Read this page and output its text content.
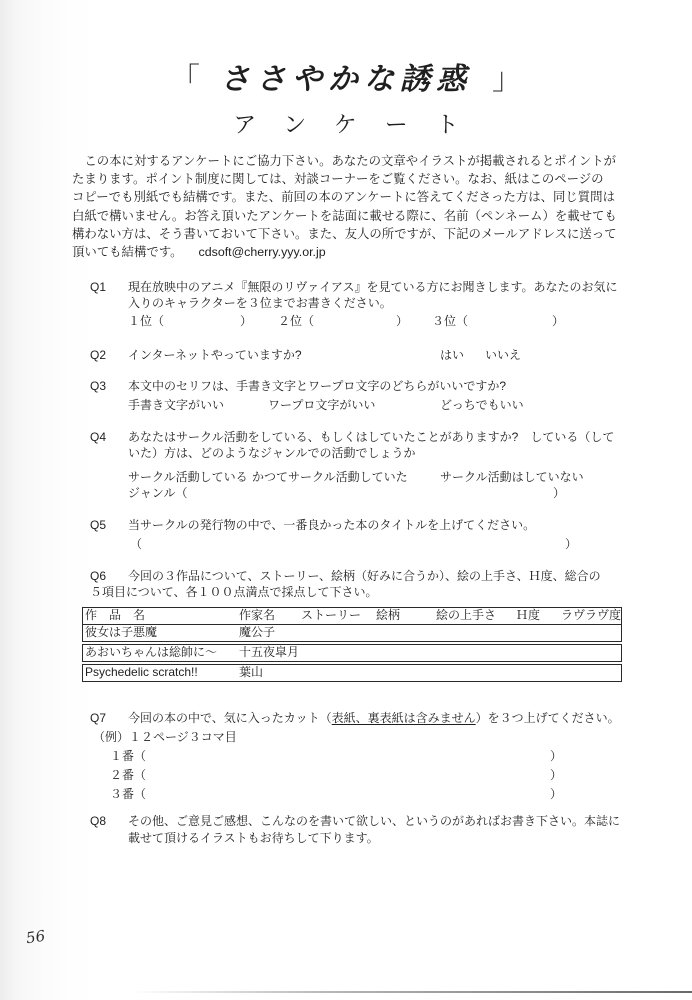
「 ささやかな誘惑 」
アンケート
　この本に対するアンケートにご協力下さい。あなたの文章やイラストが掲載されるとポイントが
たまります。ポイント制度に関しては、対談コーナーをご覧ください。なお、紙はこのページの
コピーでも別紙でも結構です。また、前回の本のアンケートに答えてくださった方は、同じ質問は
白紙で構いません。お答え頂いたアンケートを誌面に載せる際に、名前（ペンネーム）を載せても
構わない方は、そう書いておいて下さい。また、友人の所ですが、下記のメールアドレスに送って
頂いても結構です。 cdsoft@cherry.yyy.or.jp
Q1 現在放映中のアニメ『無限のリヴァイアス』を見ている方にお聞きします。あなたのお気に
入りのキャラクターを３位までお書きください。
１位（	） ２位（	） ３位（	）
Q2 インターネットやっていますか?	はい いいえ
Q3 本文中のセリフは、手書き文字とワープロ文字のどちらがいいですか?
手書き文字がいい	ワープロ文字がいい	どっちでもいい
Q4 あなたはサークル活動をしている、もしくはしていたことがありますか?　している（して
いた）方は、どのようなジャンルでの活動でしょうか
サークル活動している かつてサークル活動していた	サークル活動はしていない
ジャンル（	）
Q5 当サークルの発行物の中で、一番良かった本のタイトルを上げてください。
（	）
Q6 今回の３作品について、ストーリー、絵柄（好みに合うか）、絵の上手さ、Ｈ度、総合の
５項目について、各１００点満点で採点して下さい。
作　品　名	作家名 ストーリー 絵柄	絵の上手さ Ｈ度 ラヴラヴ度
彼女は子悪魔	魔公子
あおいちゃんは総帥に～ 十五夜皐月
Psychedelic scratch!!	葉山
Q7 今回の本の中で、気に入ったカット（表紙、裏表紙は含みません）を３つ上げてください。
（例）１２ページ３コマ目
１番（	）
２番（	）
３番（	）
Q8 その他、ご意見ご感想、こんなのを書いて欲しい、というのがあればお書き下さい。本誌に
載せて頂けるイラストもお待ちして下ります。
56
